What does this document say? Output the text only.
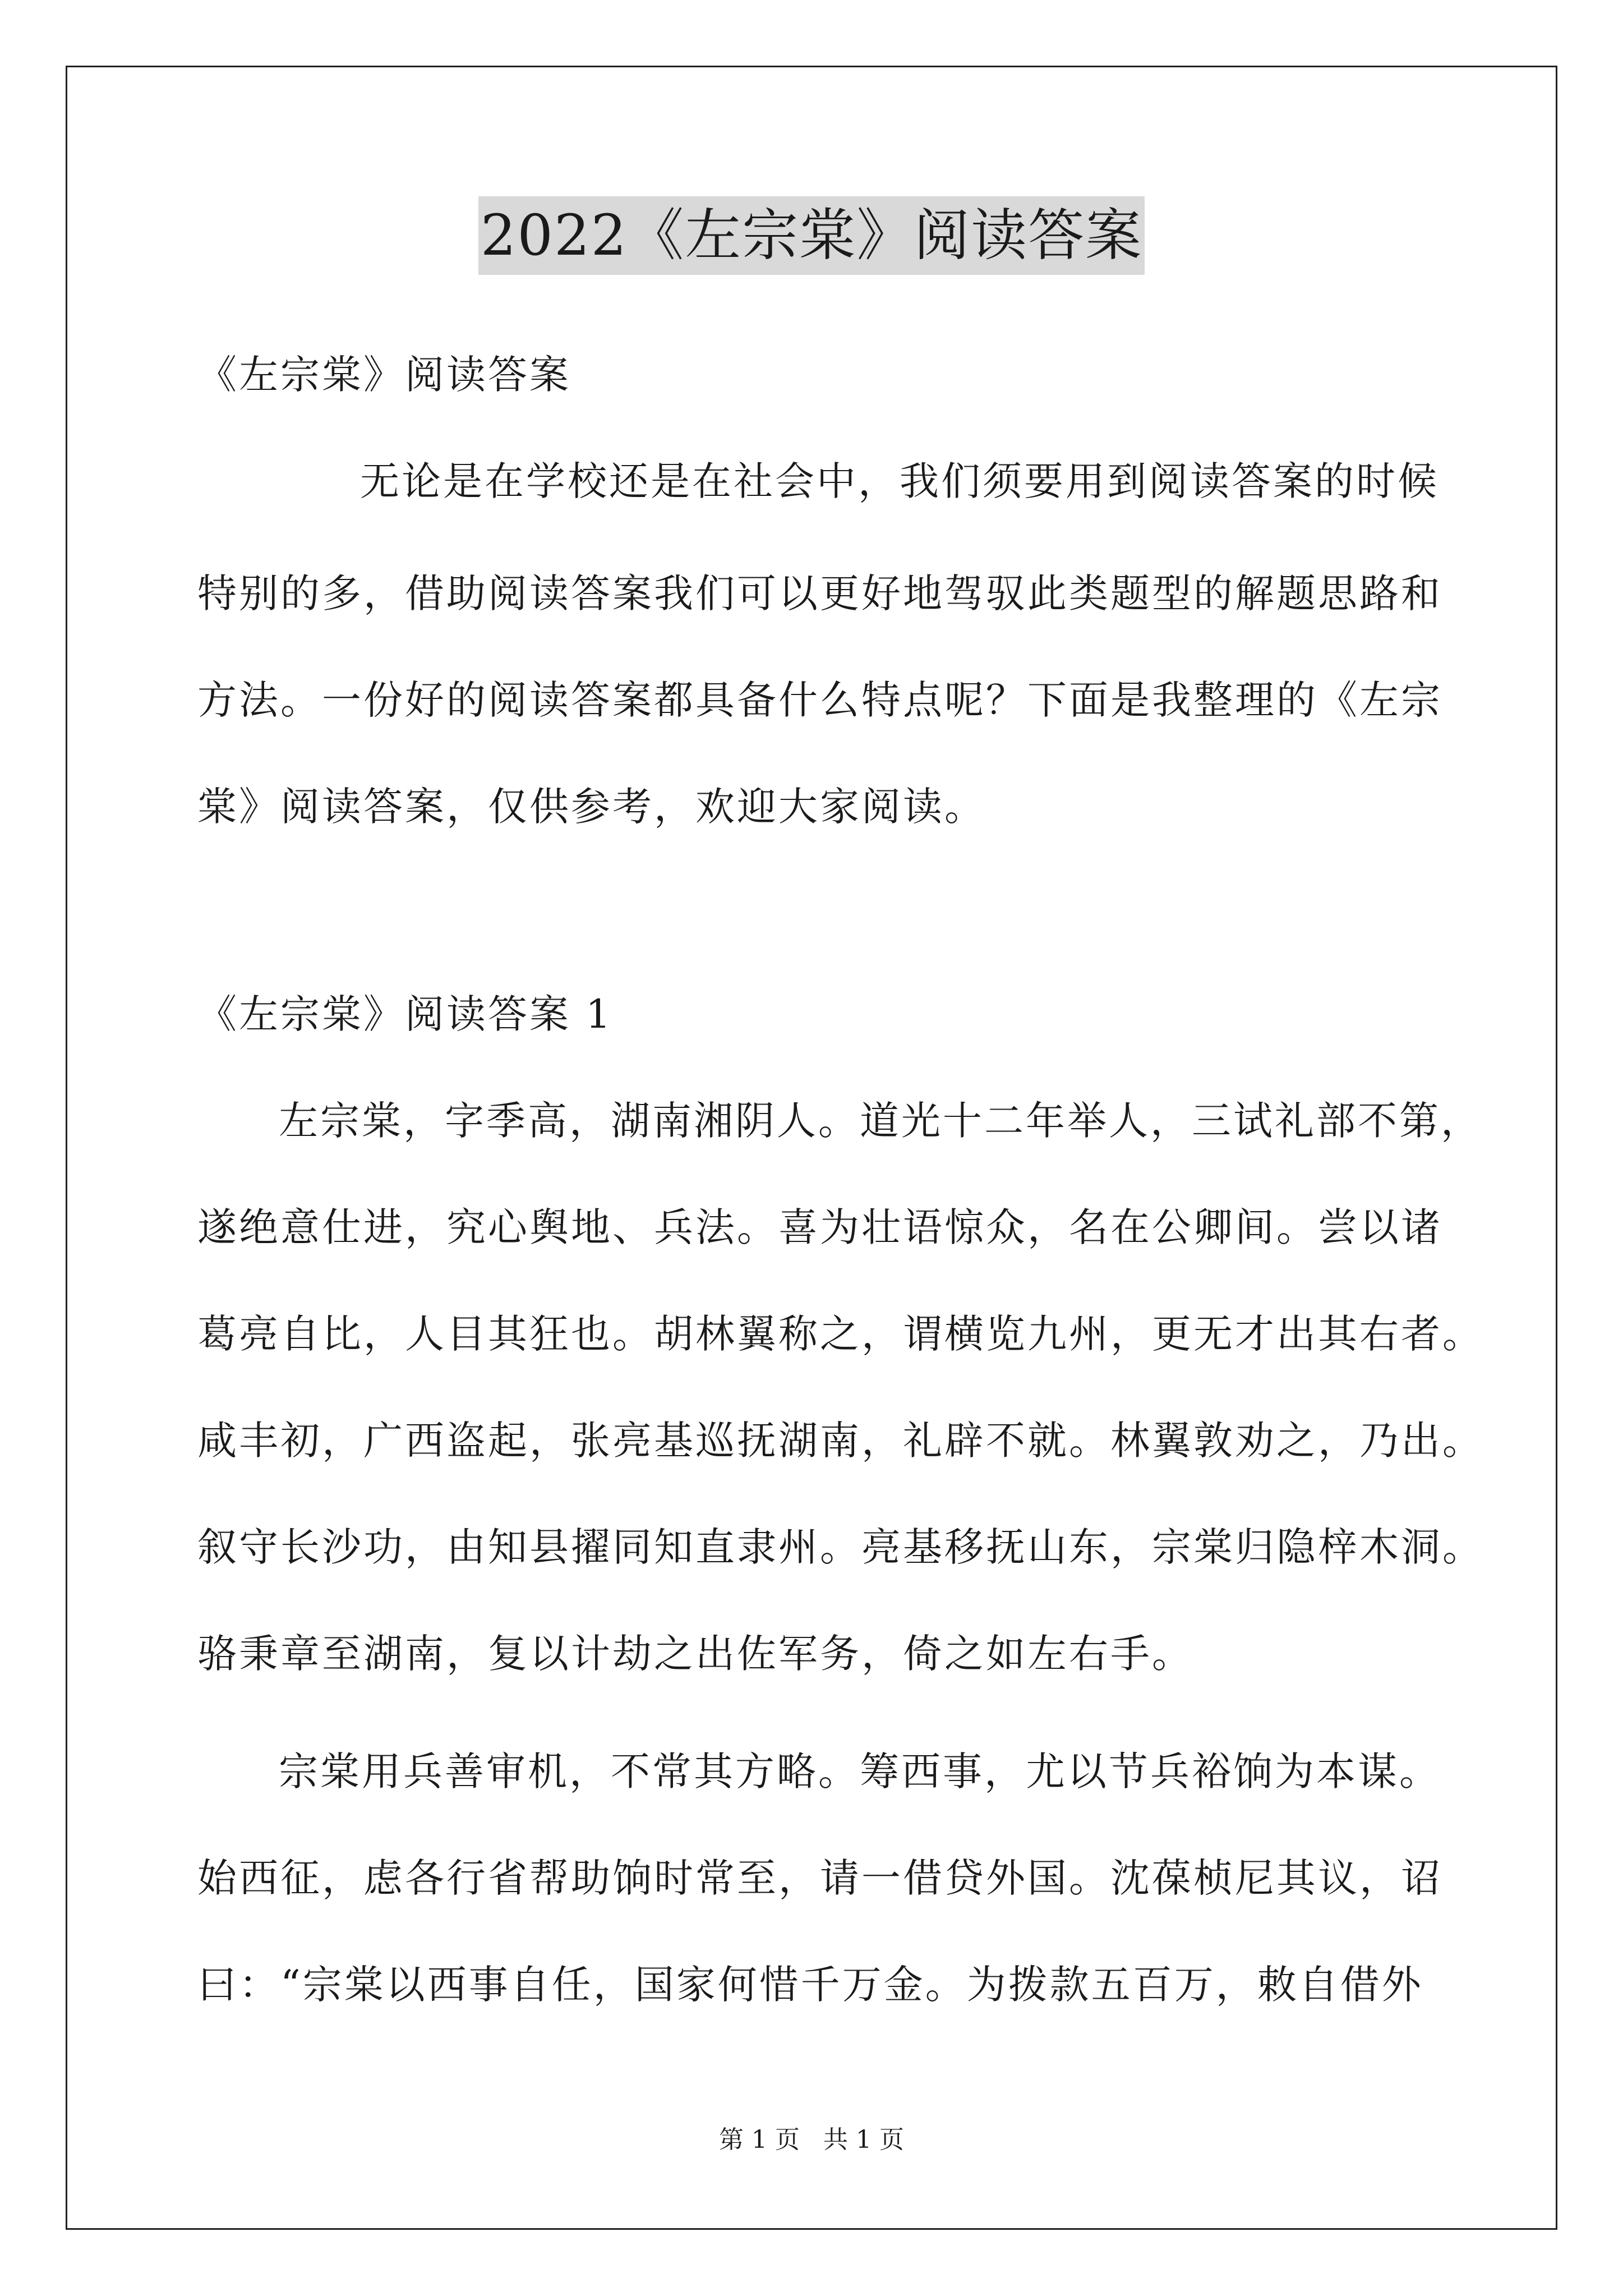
2022《左宗棠》阅读答案
《左宗棠》阅读答案
无论是在学校还是在社会中，我们须要用到阅读答案的时候
特别的多，借助阅读答案我们可以更好地驾驭此类题型的解题思路和
方法。一份好的阅读答案都具备什么特点呢？下面是我整理的《左宗
棠》阅读答案，仅供参考，欢迎大家阅读。
《左宗棠》阅读答案 1
左宗棠，字季高，湖南湘阴人。道光十二年举人，三试礼部不第，
遂绝意仕进，究心舆地、兵法。喜为壮语惊众，名在公卿间。尝以诸
葛亮自比，人目其狂也。胡林翼称之，谓横览九州，更无才出其右者。
咸丰初，广西盗起，张亮基巡抚湖南，礼辟不就。林翼敦劝之，乃出。
叙守长沙功，由知县擢同知直隶州。亮基移抚山东，宗棠归隐梓木洞。
骆秉章至湖南，复以计劫之出佐军务，倚之如左右手。
宗棠用兵善审机，不常其方略。筹西事，尤以节兵裕饷为本谋。
始西征，虑各行省帮助饷时常至，请一借贷外国。沈葆桢尼其议，诏
曰：“宗棠以西事自任，国家何惜千万金。为拨款五百万，敕自借外
第 1 页   共 1 页
